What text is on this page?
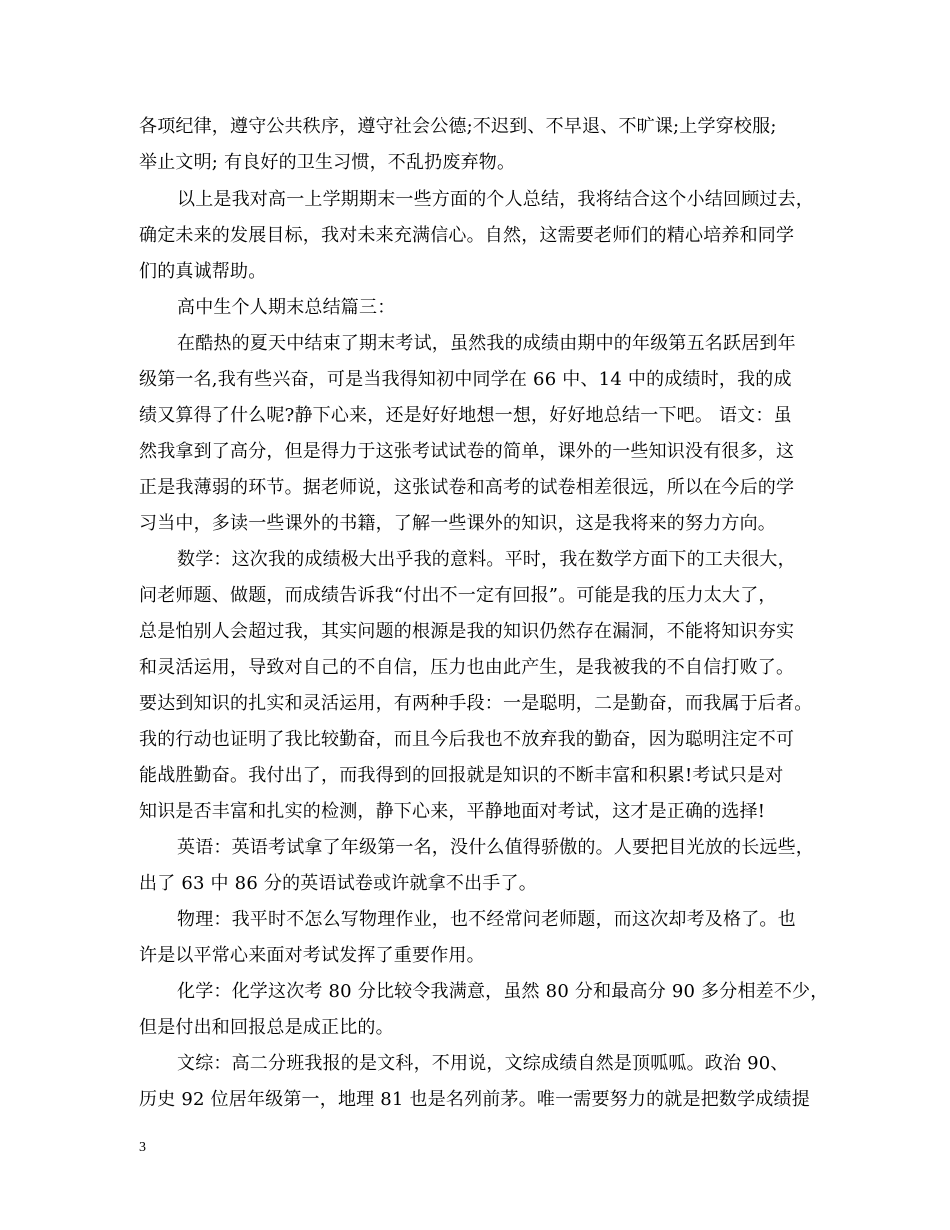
各项纪律，遵守公共秩序，遵守社会公德;不迟到、不早退、不旷课;上学穿校服;
举止文明; 有良好的卫生习惯，不乱扔废弃物。
以上是我对高一上学期期末一些方面的个人总结，我将结合这个小结回顾过去，
确定未来的发展目标，我对未来充满信心。自然，这需要老师们的精心培养和同学
们的真诚帮助。
高中生个人期末总结篇三：
在酷热的夏天中结束了期末考试，虽然我的成绩由期中的年级第五名跃居到年
级第一名,我有些兴奋，可是当我得知初中同学在 66 中、14 中的成绩时，我的成
绩又算得了什么呢?静下心来，还是好好地想一想，好好地总结一下吧。 语文：虽
然我拿到了高分，但是得力于这张考试试卷的简单，课外的一些知识没有很多，这
正是我薄弱的环节。据老师说，这张试卷和高考的试卷相差很远，所以在今后的学
习当中，多读一些课外的书籍，了解一些课外的知识，这是我将来的努力方向。
数学：这次我的成绩极大出乎我的意料。平时，我在数学方面下的工夫很大，
问老师题、做题，而成绩告诉我“付出不一定有回报”。可能是我的压力太大了，
总是怕别人会超过我，其实问题的根源是我的知识仍然存在漏洞，不能将知识夯实
和灵活运用，导致对自己的不自信，压力也由此产生，是我被我的不自信打败了。
要达到知识的扎实和灵活运用，有两种手段：一是聪明，二是勤奋，而我属于后者。
我的行动也证明了我比较勤奋，而且今后我也不放弃我的勤奋，因为聪明注定不可
能战胜勤奋。我付出了，而我得到的回报就是知识的不断丰富和积累!考试只是对
知识是否丰富和扎实的检测，静下心来，平静地面对考试，这才是正确的选择!
英语：英语考试拿了年级第一名，没什么值得骄傲的。人要把目光放的长远些，
出了 63 中 86 分的英语试卷或许就拿不出手了。
物理：我平时不怎么写物理作业，也不经常问老师题，而这次却考及格了。也
许是以平常心来面对考试发挥了重要作用。
化学：化学这次考 80 分比较令我满意，虽然 80 分和最高分 90 多分相差不少，
但是付出和回报总是成正比的。
文综：高二分班我报的是文科，不用说，文综成绩自然是顶呱呱。政治 90、
历史 92 位居年级第一，地理 81 也是名列前茅。唯一需要努力的就是把数学成绩提
3
